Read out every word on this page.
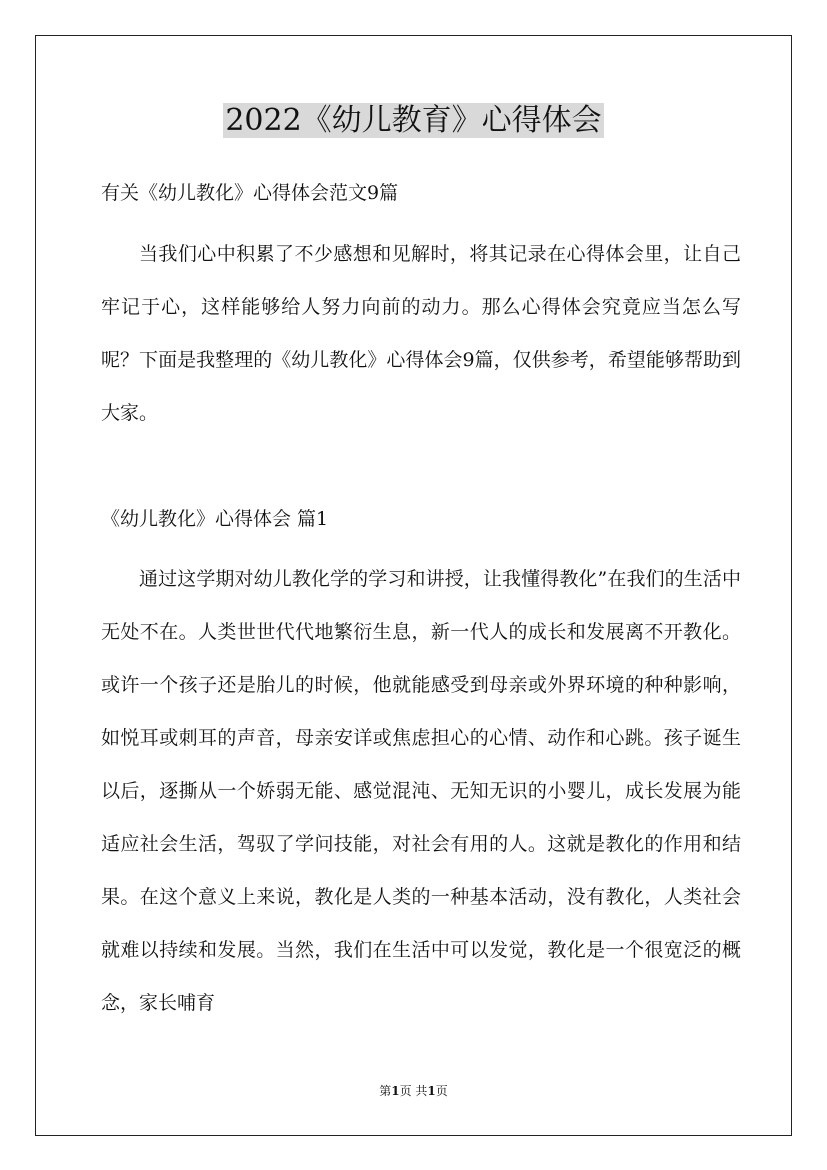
2022《幼儿教育》心得体会

有关《幼儿教化》心得体会范文9篇

当我们心中积累了不少感想和见解时，将其记录在心得体会里，让自己牢记于心，这样能够给人努力向前的动力。那么心得体会究竟应当怎么写呢？下面是我整理的《幼儿教化》心得体会9篇，仅供参考，希望能够帮助到大家。

《幼儿教化》心得体会 篇1

通过这学期对幼儿教化学的学习和讲授，让我懂得教化”在我们的生活中无处不在。人类世世代代地繁衍生息，新一代人的成长和发展离不开教化。或许一个孩子还是胎儿的时候，他就能感受到母亲或外界环境的种种影响，如悦耳或刺耳的声音，母亲安详或焦虑担心的心情、动作和心跳。孩子诞生以后，逐撕从一个娇弱无能、感觉混沌、无知无识的小婴儿，成长发展为能适应社会生活，驾驭了学问技能，对社会有用的人。这就是教化的作用和结果。在这个意义上来说，教化是人类的一种基本活动，没有教化，人类社会就难以持续和发展。当然，我们在生活中可以发觉，教化是一个很宽泛的概念，家长哺育

第1页 共1页
